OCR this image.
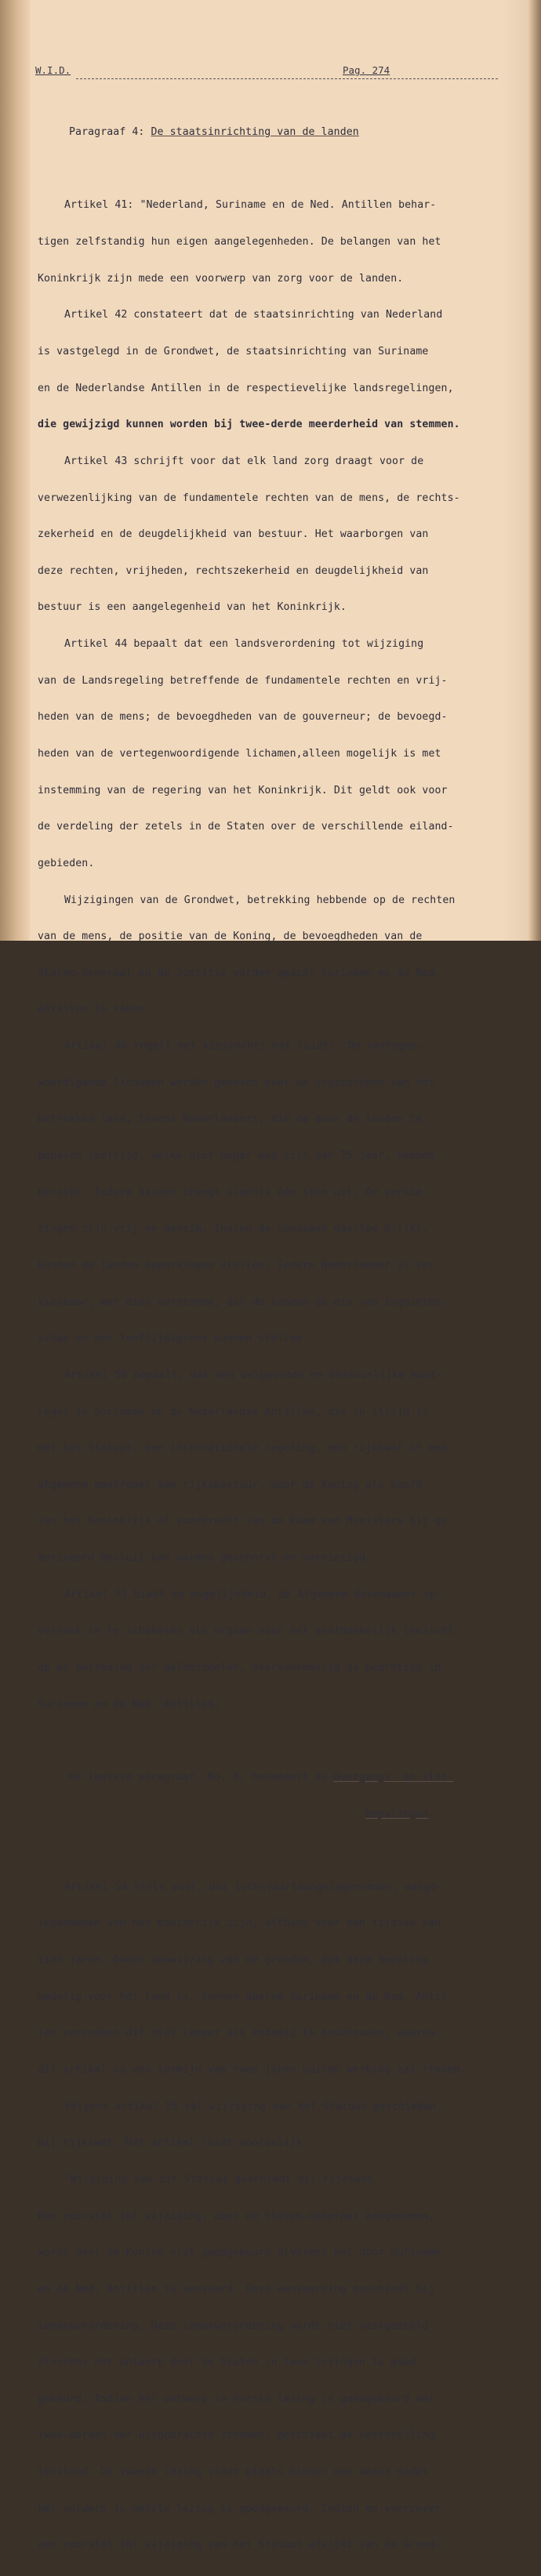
W.I.D.	Pag. 274

Paragraaf 4: De staatsinrichting van de landen

Artikel 41: "Nederland, Suriname en de Ned. Antillen behar-

tigen zelfstandig hun eigen aangelegenheden. De belangen van het

Koninkrijk zijn mede een voorwerp van zorg voor de landen.

Artikel 42 constateert dat de staatsinrichting van Nederland

is vastgelegd in de Grondwet, de staatsinrichting van Suriname

en de Nederlandse Antillen in de respectievelijke landsregelingen,

die gewijzigd kunnen worden bij twee-derde meerderheid van stemmen.

Artikel 43 schrijft voor dat elk land zorg draagt voor de

verwezenlijking van de fundamentele rechten van de mens, de rechts-

zekerheid en de deugdelijkheid van bestuur. Het waarborgen van

deze rechten, vrijheden, rechtszekerheid en deugdelijkheid van

bestuur is een aangelegenheid van het Koninkrijk.

Artikel 44 bepaalt dat een landsverordening tot wijziging

van de Landsregeling betreffende de fundamentele rechten en vrij-

heden van de mens; de bevoegdheden van de gouverneur; de bevoegd-

heden van de vertegenwoordigende lichamen,alleen mogelijk is met

instemming van de regering van het Koninkrijk. Dit geldt ook voor

de verdeling der zetels in de Staten over de verschillende eiland-

gebieden.

Wijzigingen van de Grondwet, betrekking hebbende op de rechten

van de mens, de positie van de Koning, de bevoegdheden van de

Staten-Generaal en de Justitie worden geacht Suriname en de Ned.

Antillen te raken.

Artikel 46 regelt het kiesrecht; het luidt: "De vertegen-

woordigende lichamen worden gekozen door de ingezetenen van het

betrokken land, tevens Nederlanders, die de door de landen te

bepalen leeftijd, welke niet hoger mag zijn dan 25 jaar, hebben

bereikt. Iedere kiezer brengt slechts één stem uit. De verkie-

zingen zijn vrij en geheim. Indien de noodzaak daartoe blijkt,

kunnen de landen beperkingen stellen. Iedere Nederlander is ver-

kiesbaar, met dien verstande, dat de landen de eis van ingezeten-

schap en een leeftijdsgrens kunnen stellen.

Artikel 50 bepaalt, dat een wetgevende en bestuurlijke maat-

regel in Suriname en de Nederlandse Antillen, die in strijd is

met het Statuut, een internationale regeling, een rijkswet of een

algemene maatregel van rijksbestuur, door de Koning als hoofd

van het Koninkrijk of voordracht van de Raad van Ministers bij ge-

motiveerd besluit kan worden geschorst en vernietigd.

Artikel 53 biedt de mogelijkheid, de Algemene Rekenkamer op

verzoek in te schakelen als orgaan voor het onafhankelijk toezicht

op de besteding der geldmiddelen, overeenkomstig de begroting in

Suriname en de Ned. Antillen.

De laatste paragraaf, No. 5, behandelt de Overgangs- en slot-

bepalingen

Artikel 54 stelt vast, dat luchtvaartaangelegenheden, aange-

legenheden van het Koninkrijk zijn, althans voor een tijdvak van

tien jaren. Onder aanwijzing van de gronden, dat deze bepaling

nadelig voor het land is, kunnen daarna Suriname en de Ned. Antil-

len verzoeken dit niet langer als zodanig te beschouwen, waarna

dit artikel na een termijn van twee jaren buiten werking zal treden.

Volgens artikel 55 zal wijziging van het Statuut geschieden

bij rijkswet. Het artikel luidt woordelijk:

"Wijziging van dit Statuut geschiedt bij rijkswet.

Een voorstel tot wijziging, door de Staten-Generaal aangenomen,

wordt door de Koning niet goedgekeurd alvorens het door Suriname

en de Ned. Antillen is aanvaard. Deze aanvaarding geschiedt bij

landsverordening. Deze landsverordening wordt niet vastgesteld

alvorens het ontwerp door de Staten in twee lezingen is goed-

gekeurd. Indien het ontwerp in eerste lezing is goedgekeurd met

twee-derden der uitgebrachte stemmen, geschiedt de vaststelling

terstond. De tweede lezing vindt plaats binnen een maand nadat

het ontwerp in eerste lezing is goedgekeurd. Indien en voorzover

een voorstel tot wijziging van het Statuut afwijkt van de Grond-
